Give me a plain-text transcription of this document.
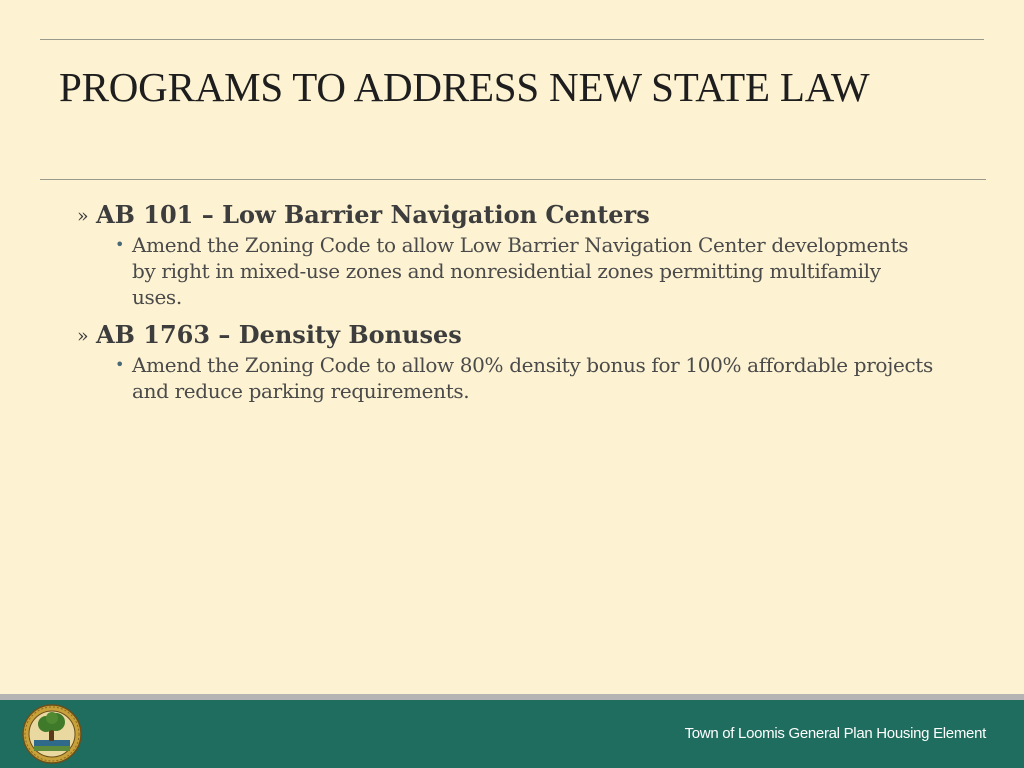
PROGRAMS TO ADDRESS NEW STATE LAW

» AB 101 – Low Barrier Navigation Centers

• Amend the Zoning Code to allow Low Barrier Navigation Center developments by right in mixed-use zones and nonresidential zones permitting multifamily uses.

» AB 1763 – Density Bonuses

• Amend the Zoning Code to allow 80% density bonus for 100% affordable projects and reduce parking requirements.

Town of Loomis General Plan Housing Element
